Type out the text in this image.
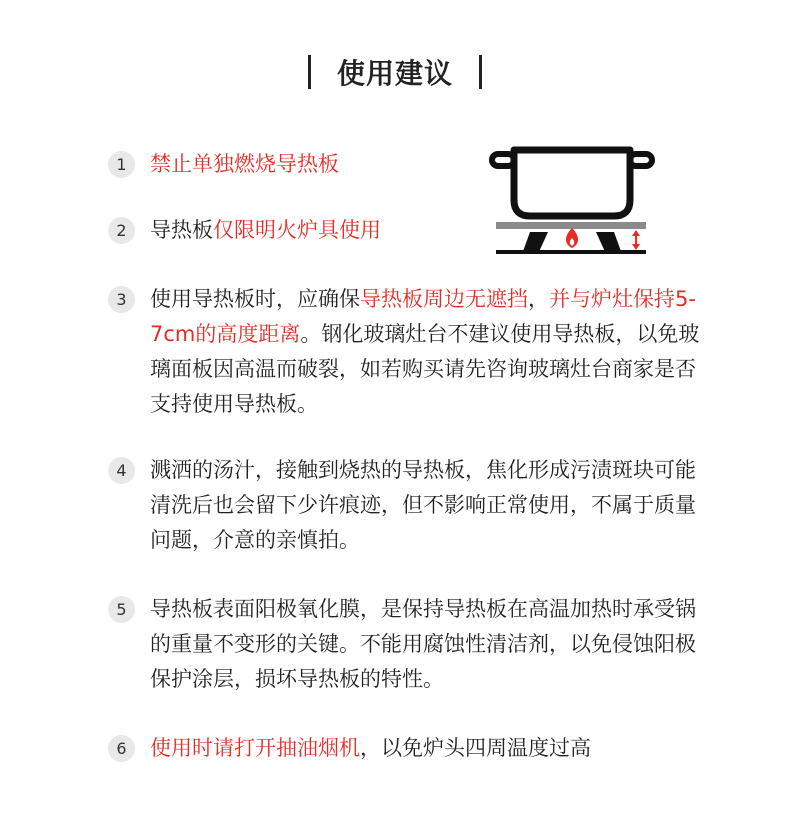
使用建议
1	禁止单独燃烧导热板
2	导热板仅限明火炉具使用
3	使用导热板时，应确保导热板周边无遮挡，并与炉灶保持5-7cm的高度距离。钢化玻璃灶台不建议使用导热板，以免玻璃面板因高温而破裂，如若购买请先咨询玻璃灶台商家是否支持使用导热板。
4	溅洒的汤汁，接触到烧热的导热板，焦化形成污渍斑块可能清洗后也会留下少许痕迹，但不影响正常使用，不属于质量问题，介意的亲慎拍。
5	导热板表面阳极氧化膜，是保持导热板在高温加热时承受锅的重量不变形的关键。不能用腐蚀性清洁剂，以免侵蚀阳极保护涂层，损坏导热板的特性。
6	使用时请打开抽油烟机，以免炉头四周温度过高
